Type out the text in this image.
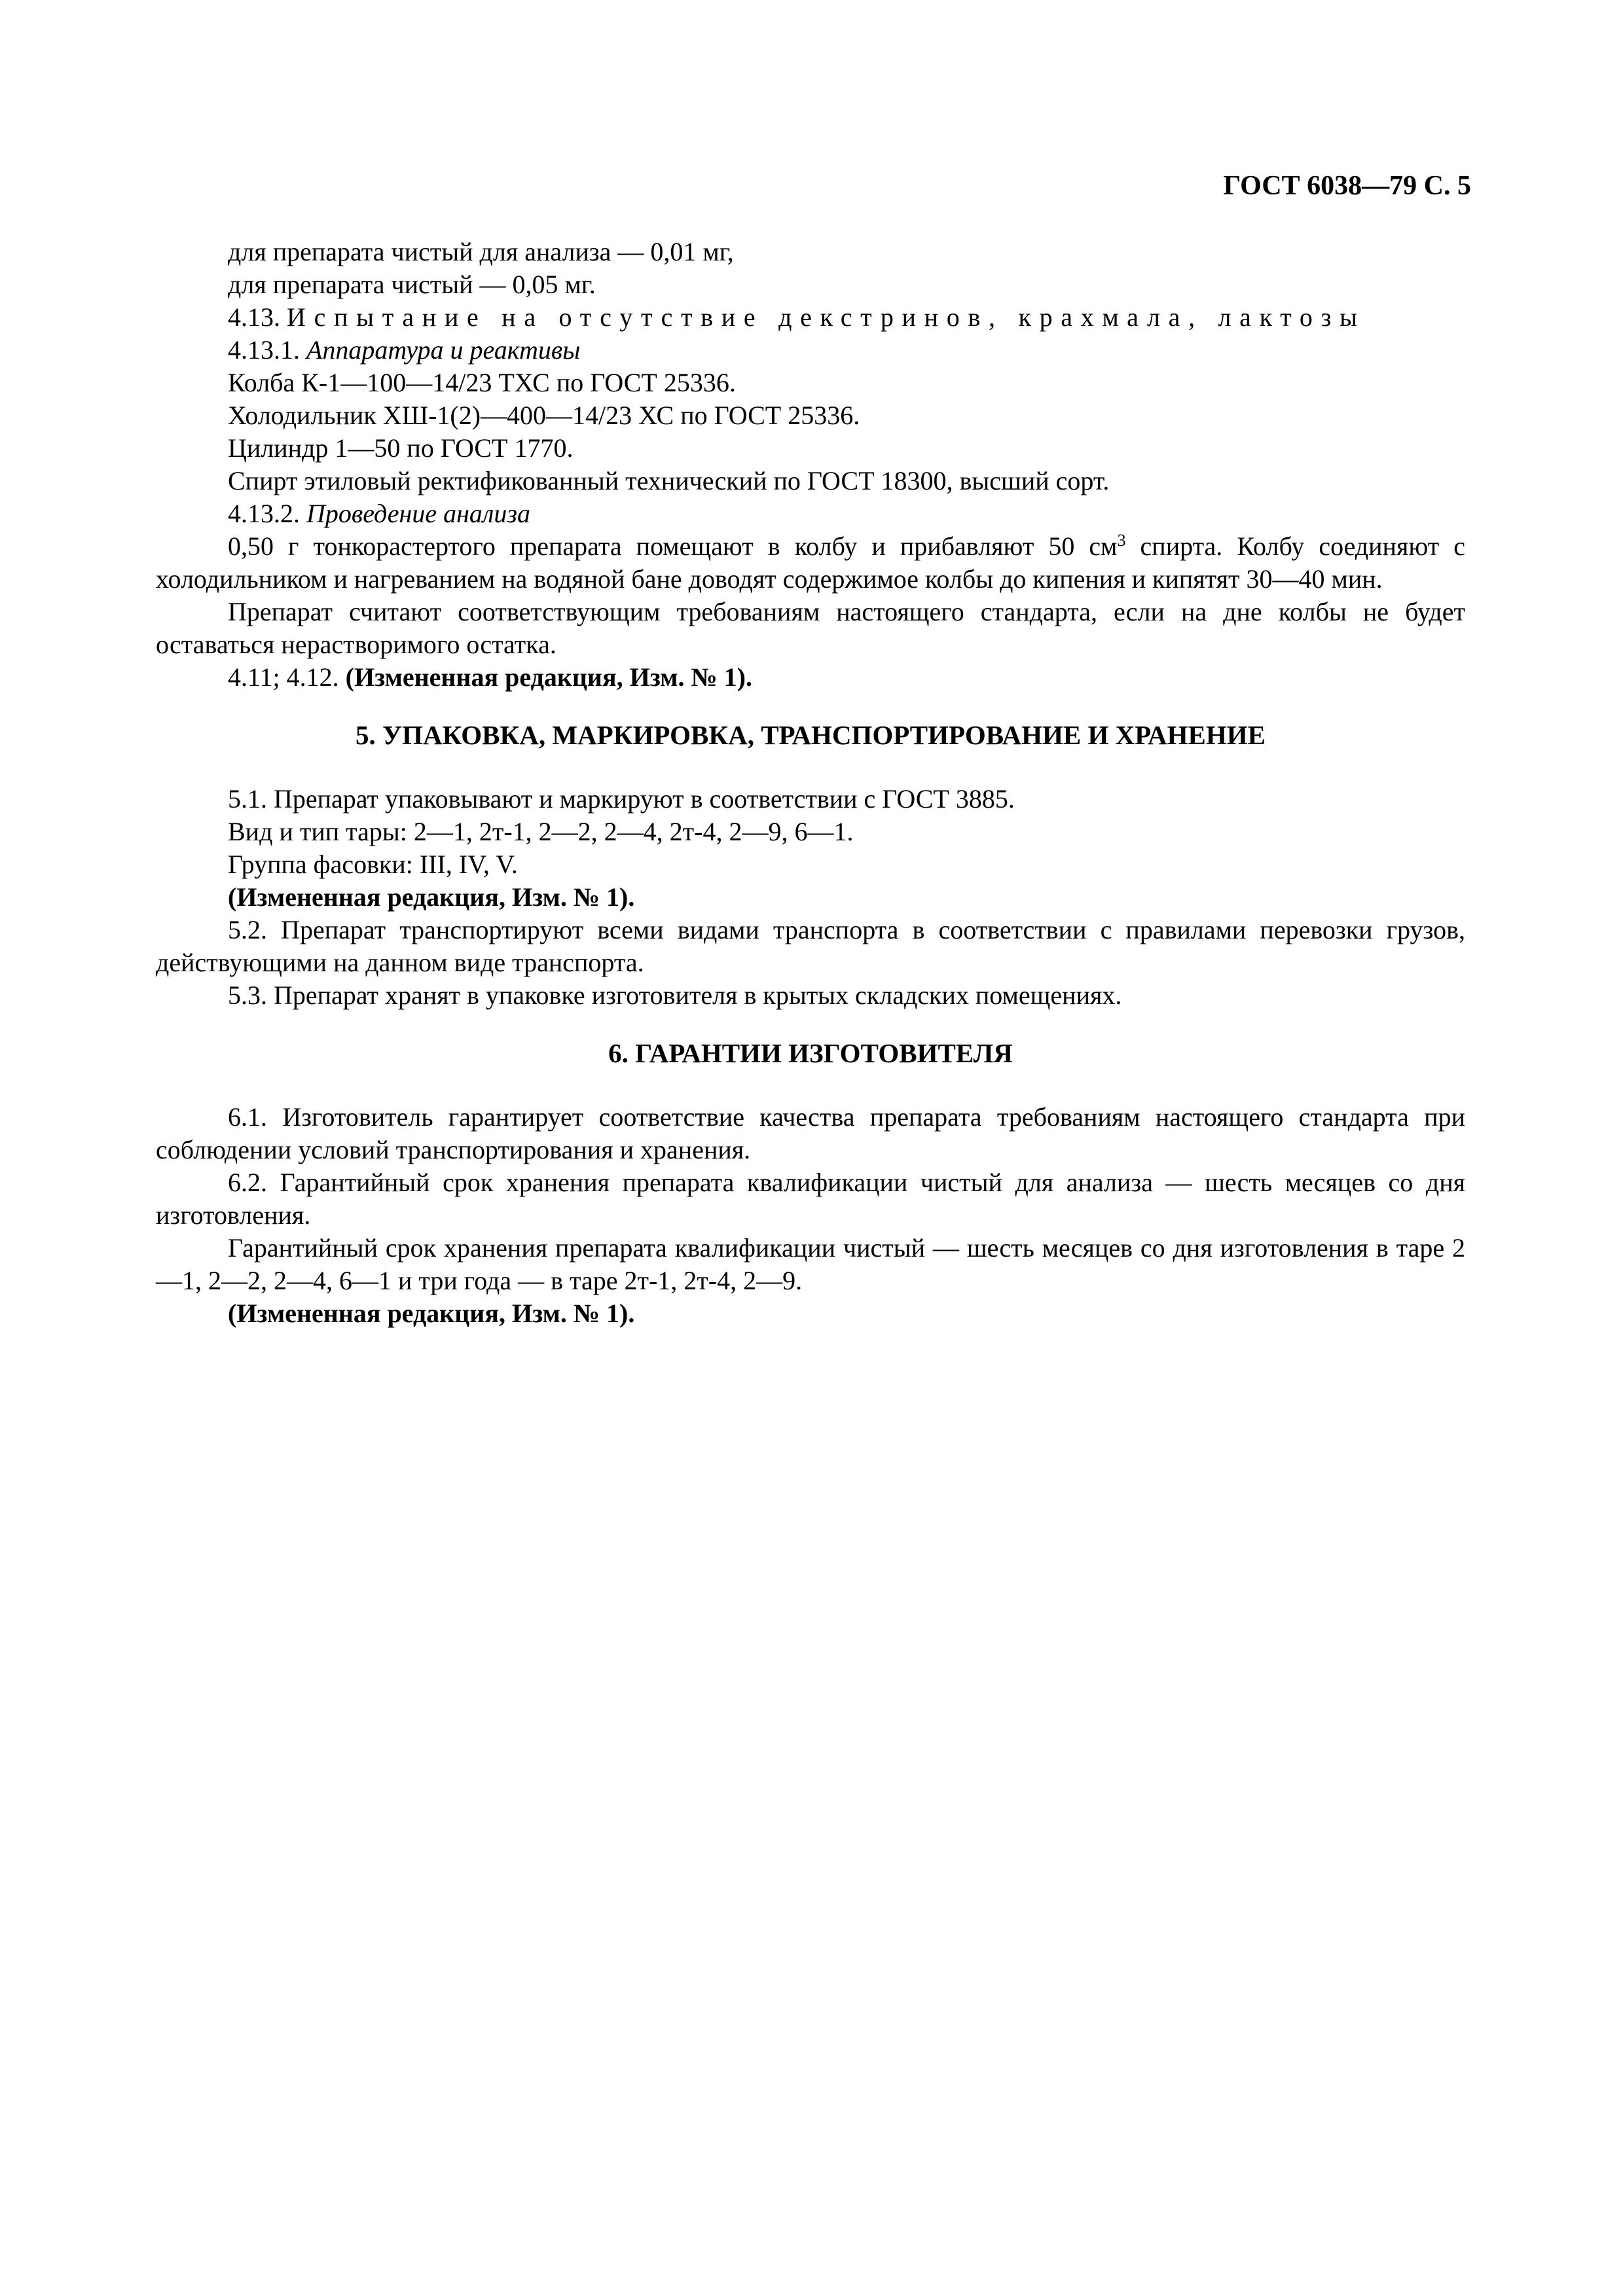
ГОСТ 6038—79 С. 5

для препарата чистый для анализа — 0,01 мг,

для препарата чистый — 0,05 мг.

4.13. Испытание на отсутствие декстринов, крахмала, лактозы

4.13.1. Аппаратура и реактивы

Колба К-1—100—14/23 ТХС по ГОСТ 25336.

Холодильник ХШ-1(2)—400—14/23 ХС по ГОСТ 25336.

Цилиндр 1—50 по ГОСТ 1770.

Спирт этиловый ректификованный технический по ГОСТ 18300, высший сорт.

4.13.2. Проведение анализа

0,50 г тонкорастертого препарата помещают в колбу и прибавляют 50 $см^3$ спирта. Колбу соединяют с холодильником и нагреванием на водяной бане доводят содержимое колбы до кипения и кипятят 30—40 мин.

Препарат считают соответствующим требованиям настоящего стандарта, если на дне колбы не будет оставаться нерастворимого остатка.

4.11; 4.12. (Измененная редакция, Изм. № 1).

5. УПАКОВКА, МАРКИРОВКА, ТРАНСПОРТИРОВАНИЕ И ХРАНЕНИЕ

5.1. Препарат упаковывают и маркируют в соответствии с ГОСТ 3885.

Вид и тип тары: 2—1, 2т-1, 2—2, 2—4, 2т-4, 2—9, 6—1.

Группа фасовки: III, IV, V.

(Измененная редакция, Изм. № 1).

5.2. Препарат транспортируют всеми видами транспорта в соответствии с правилами перевозки грузов, действующими на данном виде транспорта.

5.3. Препарат хранят в упаковке изготовителя в крытых складских помещениях.

6. ГАРАНТИИ ИЗГОТОВИТЕЛЯ

6.1. Изготовитель гарантирует соответствие качества препарата требованиям настоящего стандарта при соблюдении условий транспортирования и хранения.

6.2. Гарантийный срок хранения препарата квалификации чистый для анализа — шесть месяцев со дня изготовления.

Гарантийный срок хранения препарата квалификации чистый — шесть месяцев со дня изготовления в таре 2—1, 2—2, 2—4, 6—1 и три года — в таре 2т-1, 2т-4, 2—9.

(Измененная редакция, Изм. № 1).
